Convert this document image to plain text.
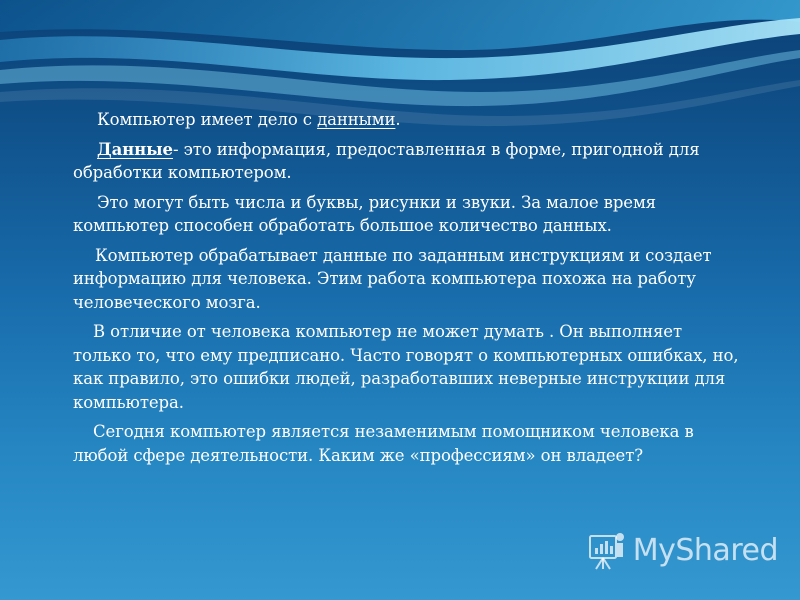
Компьютер имеет дело с данными.

Данные- это информация, предоставленная в форме, пригодной для обработки компьютером.

Это могут быть числа и буквы, рисунки и звуки. За малое время компьютер способен обработать большое количество данных.

Компьютер обрабатывает данные по заданным инструкциям и создает информацию для человека. Этим работа компьютера похожа на работу человеческого мозга.

В отличие от человека компьютер не может думать . Он выполняет только то, что ему предписано. Часто говорят о компьютерных ошибках, но, как правило, это ошибки людей, разработавших неверные инструкции для компьютера.

Сегодня компьютер является незаменимым помощником человека в любой сфере деятельности. Каким же «профессиям» он владеет?

MyShared
